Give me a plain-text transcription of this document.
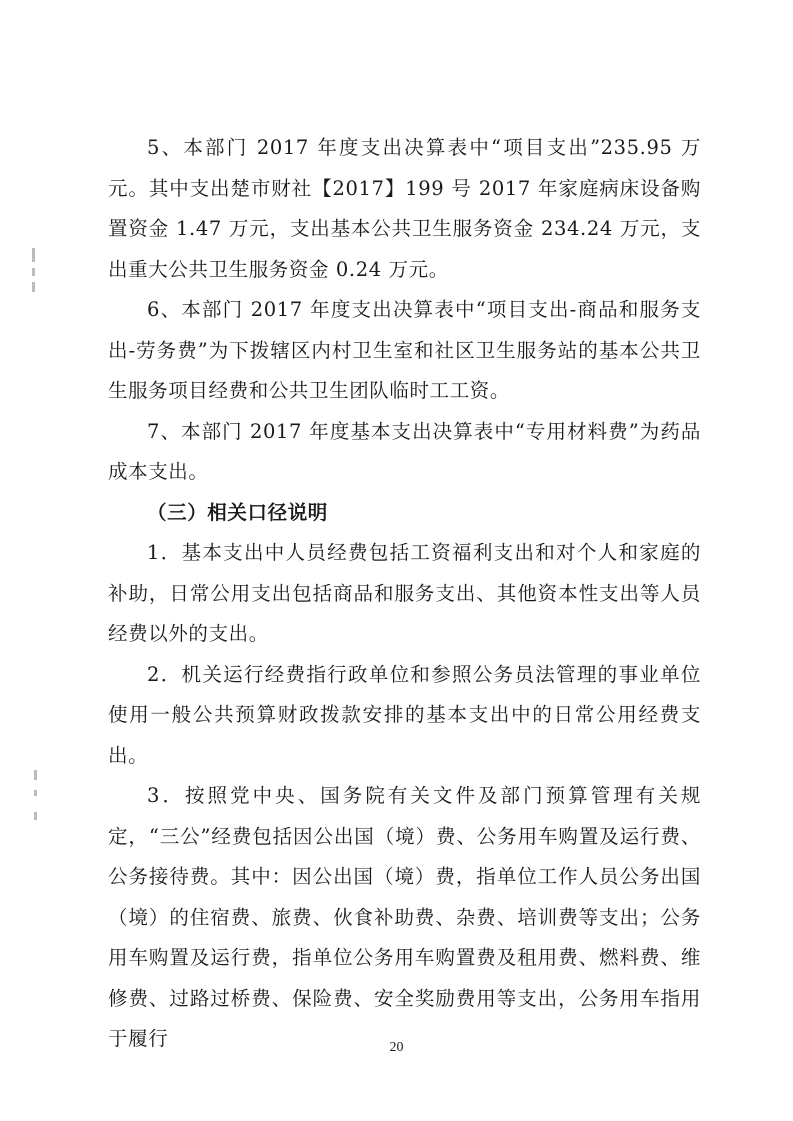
5、本部门 2017 年度支出决算表中“项目支出”235.95 万元。其中支出楚市财社【2017】199 号 2017 年家庭病床设备购置资金 1.47 万元，支出基本公共卫生服务资金 234.24 万元，支出重大公共卫生服务资金 0.24 万元。

6、本部门 2017 年度支出决算表中“项目支出-商品和服务支出-劳务费”为下拨辖区内村卫生室和社区卫生服务站的基本公共卫生服务项目经费和公共卫生团队临时工工资。

7、本部门 2017 年度基本支出决算表中“专用材料费”为药品成本支出。

（三）相关口径说明

1．基本支出中人员经费包括工资福利支出和对个人和家庭的补助，日常公用支出包括商品和服务支出、其他资本性支出等人员经费以外的支出。

2．机关运行经费指行政单位和参照公务员法管理的事业单位使用一般公共预算财政拨款安排的基本支出中的日常公用经费支出。

3．按照党中央、国务院有关文件及部门预算管理有关规定，“三公”经费包括因公出国（境）费、公务用车购置及运行费、公务接待费。其中：因公出国（境）费，指单位工作人员公务出国（境）的住宿费、旅费、伙食补助费、杂费、培训费等支出；公务用车购置及运行费，指单位公务用车购置费及租用费、燃料费、维修费、过路过桥费、保险费、安全奖励费用等支出，公务用车指用于履行	20
